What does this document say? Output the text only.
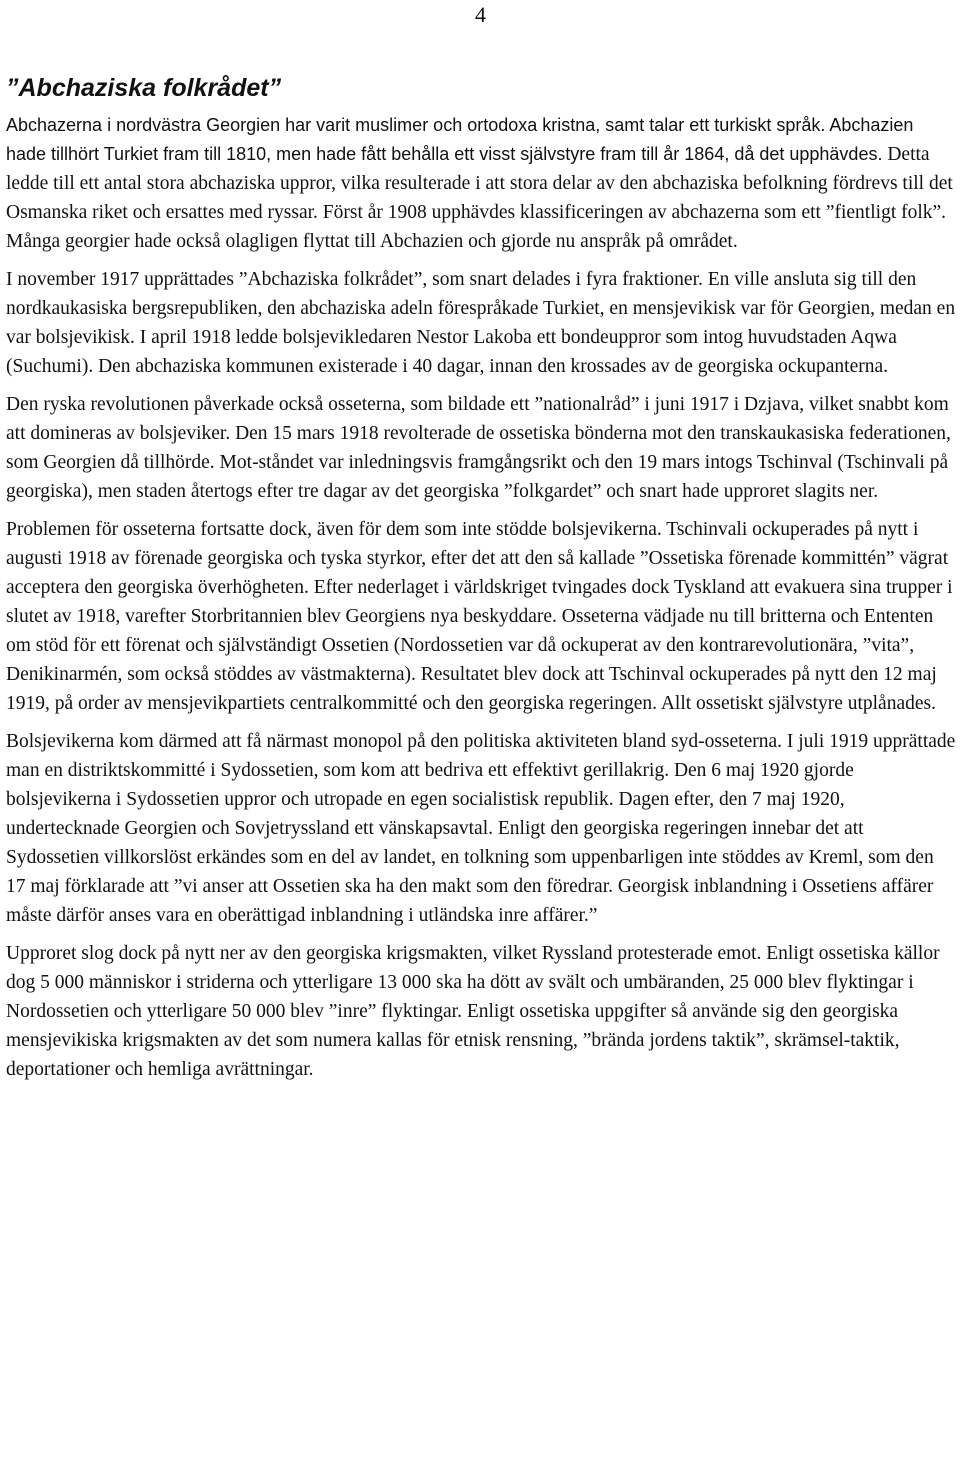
4
”Abchaziska folkrådet”

Abchazerna i nordvästra Georgien har varit muslimer och ortodoxa kristna, samt talar ett turkiskt språk. Abchazien hade tillhört Turkiet fram till 1810, men hade fått behålla ett visst självstyre fram till år 1864, då det upphävdes. Detta ledde till ett antal stora abchaziska uppror, vilka resulterade i att stora delar av den abchaziska befolkning fördrevs till det Osmanska riket och ersattes med ryssar. Först år 1908 upphävdes klassificeringen av abchazerna som ett ”fientligt folk”. Många georgier hade också olagligen flyttat till Abchazien och gjorde nu anspråk på området.

I november 1917 upprättades ”Abchaziska folkrådet”, som snart delades i fyra fraktioner. En ville ansluta sig till den nordkaukasiska bergsrepubliken, den abchaziska adeln förespråkade Turkiet, en mensjevikisk var för Georgien, medan en var bolsjevikisk. I april 1918 ledde bolsjevikledaren Nestor Lakoba ett bondeuppror som intog huvudstaden Aqwa (Suchumi). Den abchaziska kommunen existerade i 40 dagar, innan den krossades av de georgiska ockupanterna.

Den ryska revolutionen påverkade också osseterna, som bildade ett ”nationalråd” i juni 1917 i Dzjava, vilket snabbt kom att domineras av bolsjeviker. Den 15 mars 1918 revolterade de ossetiska bönderna mot den transkaukasiska federationen, som Georgien då tillhörde. Mot-ståndet var inledningsvis framgångsrikt och den 19 mars intogs Tschinval (Tschinvali på georgiska), men staden återtogs efter tre dagar av det georgiska ”folkgardet” och snart hade upproret slagits ner.

Problemen för osseterna fortsatte dock, även för dem som inte stödde bolsjevikerna. Tschinvali ockuperades på nytt i augusti 1918 av förenade georgiska och tyska styrkor, efter det att den så kallade ”Ossetiska förenade kommittén” vägrat acceptera den georgiska överhögheten. Efter nederlaget i världskriget tvingades dock Tyskland att evakuera sina trupper i slutet av 1918, varefter Storbritannien blev Georgiens nya beskyddare. Osseterna vädjade nu till britterna och Ententen om stöd för ett förenat och självständigt Ossetien (Nordossetien var då ockuperat av den kontrarevolutionära, ”vita”, Denikinarmén, som också stöddes av västmakterna). Resultatet blev dock att Tschinval ockuperades på nytt den 12 maj 1919, på order av mensjevikpartiets centralkommitté och den georgiska regeringen. Allt ossetiskt självstyre utplånades.

Bolsjevikerna kom därmed att få närmast monopol på den politiska aktiviteten bland syd-osseterna. I juli 1919 upprättade man en distriktskommitté i Sydossetien, som kom att bedriva ett effektivt gerillakrig. Den 6 maj 1920 gjorde bolsjevikerna i Sydossetien uppror och utropade en egen socialistisk republik. Dagen efter, den 7 maj 1920, undertecknade Georgien och Sovjetryssland ett vänskapsavtal. Enligt den georgiska regeringen innebar det att Sydossetien villkorslöst erkändes som en del av landet, en tolkning som uppenbarligen inte stöddes av Kreml, som den 17 maj förklarade att ”vi anser att Ossetien ska ha den makt som den föredrar. Georgisk inblandning i Ossetiens affärer måste därför anses vara en oberättigad inblandning i utländska inre affärer.”

Upproret slog dock på nytt ner av den georgiska krigsmakten, vilket Ryssland protesterade emot. Enligt ossetiska källor dog 5 000 människor i striderna och ytterligare 13 000 ska ha dött av svält och umbäranden, 25 000 blev flyktingar i Nordossetien och ytterligare 50 000 blev ”inre” flyktingar. Enligt ossetiska uppgifter så använde sig den georgiska mensjevikiska krigsmakten av det som numera kallas för etnisk rensning, ”brända jordens taktik”, skrämsel-taktik, deportationer och hemliga avrättningar.
